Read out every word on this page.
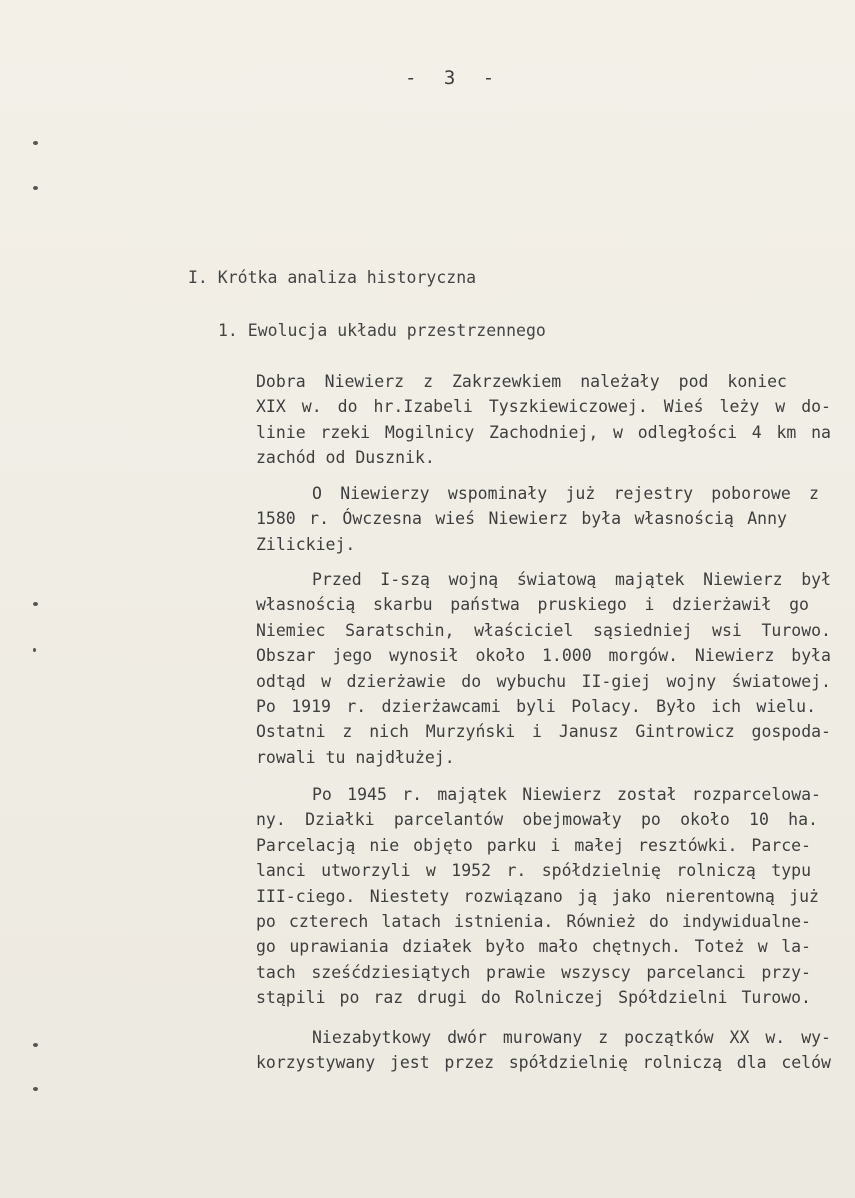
- 3 -
I. Krótka analiza historyczna
1. Ewolucja układu przestrzennego
Dobra Niewierz z Zakrzewkiem należały pod koniec
XIX w. do hr.Izabeli Tyszkiewiczowej. Wieś leży w do-
linie rzeki Mogilnicy Zachodniej, w odległości 4 km na
zachód od Dusznik.
O Niewierzy wspominały już rejestry poborowe z
1580 r. Ówczesna wieś Niewierz była własnością Anny
Zilickiej.
Przed I-szą wojną światową majątek Niewierz był
własnością skarbu państwa pruskiego i dzierżawił go
Niemiec Saratschin, właściciel sąsiedniej wsi Turowo.
Obszar jego wynosił około 1.000 morgów. Niewierz była
odtąd w dzierżawie do wybuchu II-giej wojny światowej.
Po 1919 r. dzierżawcami byli Polacy. Było ich wielu.
Ostatni z nich Murzyński i Janusz Gintrowicz gospoda-
rowali tu najdłużej.
Po 1945 r. majątek Niewierz został rozparcelowa-
ny. Działki parcelantów obejmowały po około 10 ha.
Parcelacją nie objęto parku i małej resztówki. Parce-
lanci utworzyli w 1952 r. spółdzielnię rolniczą typu
III-ciego. Niestety rozwiązano ją jako nierentowną już
po czterech latach istnienia. Również do indywidualne-
go uprawiania działek było mało chętnych. Toteż w la-
tach sześćdziesiątych prawie wszyscy parcelanci przy-
stąpili po raz drugi do Rolniczej Spółdzielni Turowo.
Niezabytkowy dwór murowany z początków XX w. wy-
korzystywany jest przez spółdzielnię rolniczą dla celów
